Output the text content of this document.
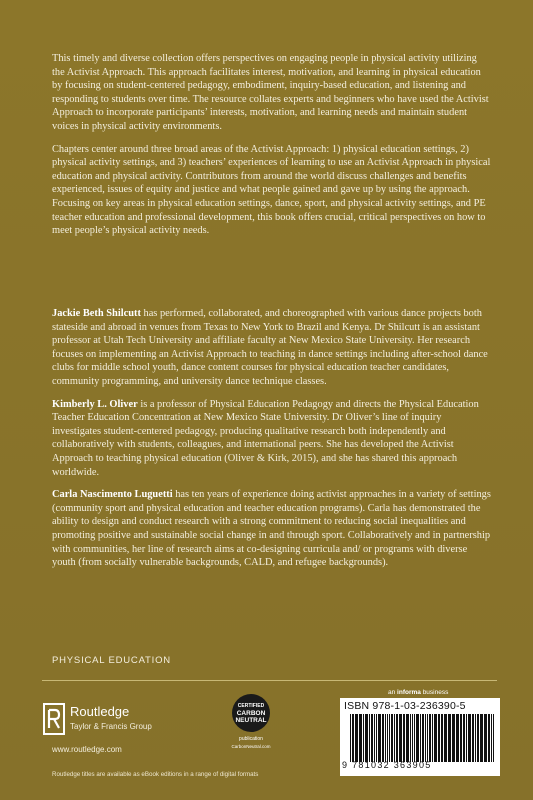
This timely and diverse collection offers perspectives on engaging people in physical activity utilizing the Activist Approach. This approach facilitates interest, motivation, and learning in physical education by focusing on student-centered pedagogy, embodiment, inquiry-based education, and listening and responding to students over time. The resource collates experts and beginners who have used the Activist Approach to incorporate participants’ interests, motivation, and learning needs and maintain student voices in physical activity environments.

Chapters center around three broad areas of the Activist Approach: 1) physical education settings, 2) physical activity settings, and 3) teachers’ experiences of learning to use an Activist Approach in physical education and physical activity. Contributors from around the world discuss challenges and benefits experienced, issues of equity and justice and what people gained and gave up by using the approach. Focusing on key areas in physical education settings, dance, sport, and physical activity settings, and PE teacher education and professional development, this book offers crucial, critical perspectives on how to meet people’s physical activity needs.

Jackie Beth Shilcutt has performed, collaborated, and choreographed with various dance projects both stateside and abroad in venues from Texas to New York to Brazil and Kenya. Dr Shilcutt is an assistant professor at Utah Tech University and affiliate faculty at New Mexico State University. Her research focuses on implementing an Activist Approach to teaching in dance settings including after-school dance clubs for middle school youth, dance content courses for physical education teacher candidates, community programming, and university dance technique classes.

Kimberly L. Oliver is a professor of Physical Education Pedagogy and directs the Physical Education Teacher Education Concentration at New Mexico State University. Dr Oliver’s line of inquiry investigates student-centered pedagogy, producing qualitative research both independently and collaboratively with students, colleagues, and international peers. She has developed the Activist Approach to teaching physical education (Oliver & Kirk, 2015), and she has shared this approach worldwide.

Carla Nascimento Luguetti has ten years of experience doing activist approaches in a variety of settings (community sport and physical education and teacher education programs). Carla has demonstrated the ability to design and conduct research with a strong commitment to reducing social inequalities and promoting positive and sustainable social change in and through sport. Collaboratively and in partnership with communities, her line of research aims at co-designing curricula and/ or programs with diverse youth (from socially vulnerable backgrounds, CALD, and refugee backgrounds).

PHYSICAL EDUCATION
Routledge
Taylor & Francis Group
www.routledge.com
CERTIFIED
CARBON NEUTRAL
publication
CarbonNeutral.com
an informa business
ISBN 978-1-03-236390-5
9 781032 363905
Routledge titles are available as eBook editions in a range of digital formats
